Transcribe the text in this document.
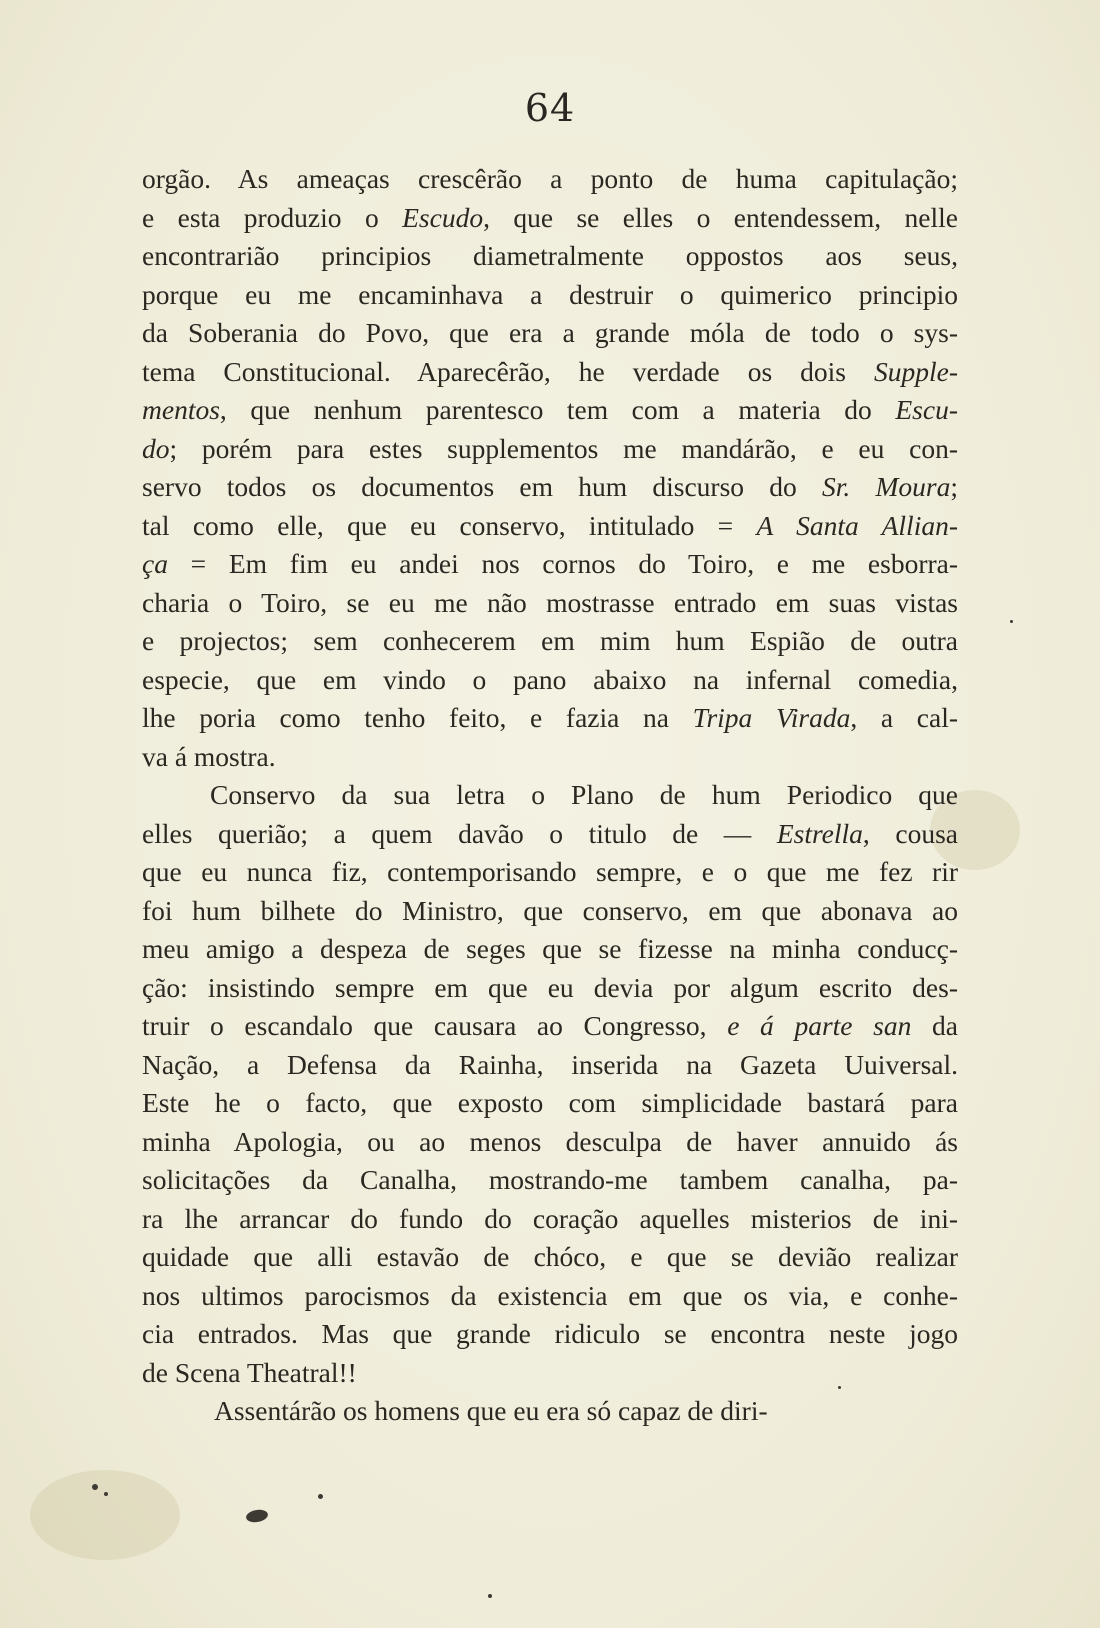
64
orgão. As ameaças crescêrão a ponto de huma capitulação;
e esta produzio o Escudo, que se elles o entendessem, nelle
encontrarião principios diametralmente oppostos aos seus,
porque eu me encaminhava a destruir o quimerico principio
da Soberania do Povo, que era a grande móla de todo o sys-
tema Constitucional. Aparecêrão, he verdade os dois Supple-
mentos, que nenhum parentesco tem com a materia do Escu-
do; porém para estes supplementos me mandárão, e eu con-
servo todos os documentos em hum discurso do Sr. Moura;
tal como elle, que eu conservo, intitulado = A Santa Allian-
ça = Em fim eu andei nos cornos do Toiro, e me esborra-
charia o Toiro, se eu me não mostrasse entrado em suas vistas
e projectos; sem conhecerem em mim hum Espião de outra
especie, que em vindo o pano abaixo na infernal comedia,
lhe poria como tenho feito, e fazia na Tripa Virada, a cal-
va á mostra.
Conservo da sua letra o Plano de hum Periodico que
elles querião; a quem davão o titulo de — Estrella, cousa
que eu nunca fiz, contemporisando sempre, e o que me fez rir
foi hum bilhete do Ministro, que conservo, em que abonava ao
meu amigo a despeza de seges que se fizesse na minha conducç-
ção: insistindo sempre em que eu devia por algum escrito des-
truir o escandalo que causara ao Congresso, e á parte san da
Nação, a Defensa da Rainha, inserida na Gazeta Uuiversal.
Este he o facto, que exposto com simplicidade bastará para
minha Apologia, ou ao menos desculpa de haver annuido ás
solicitações da Canalha, mostrando-me tambem canalha, pa-
ra lhe arrancar do fundo do coração aquelles misterios de ini-
quidade que alli estavão de chóco, e que se devião realizar
nos ultimos parocismos da existencia em que os via, e conhe-
cia entrados. Mas que grande ridiculo se encontra neste jogo
de Scena Theatral!!
Assentárão os homens que eu era só capaz de diri-
